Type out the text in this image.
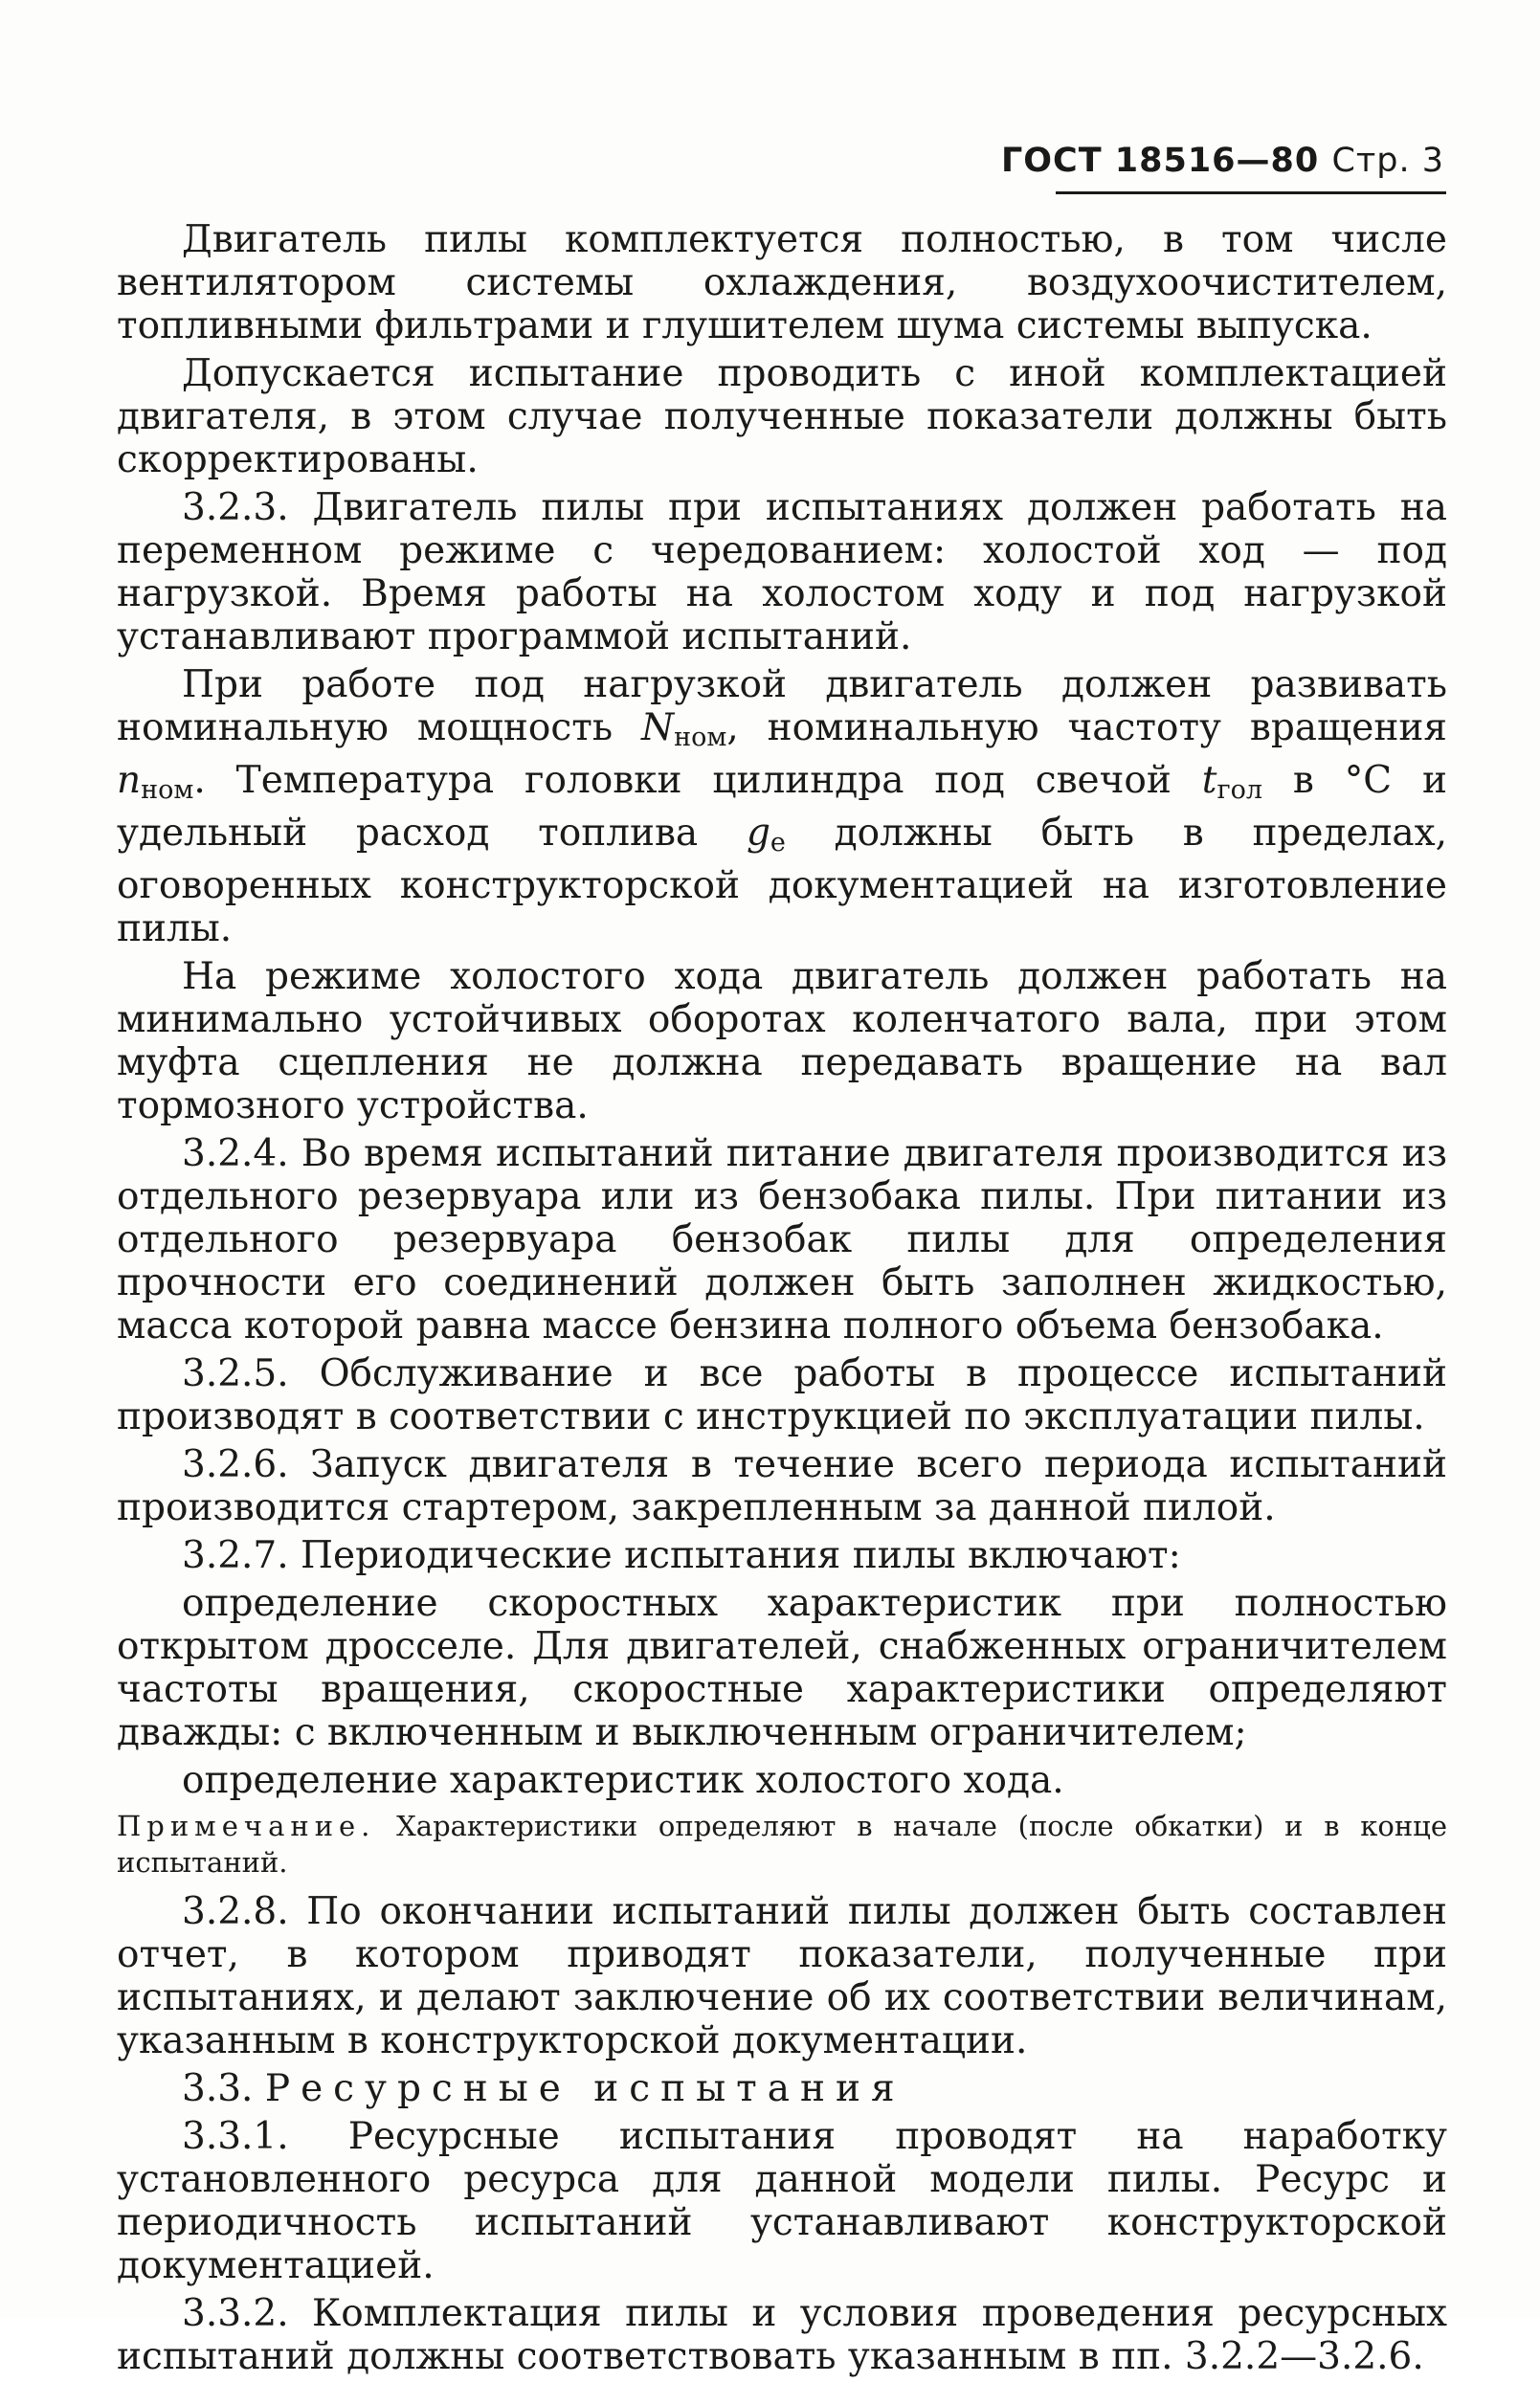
ГОСТ 18516—80 Стр. 3

Двигатель пилы комплектуется полностью, в том числе вентилятором системы охлаждения, воздухоочистителем, топливными фильтрами и глушителем шума системы выпуска.

Допускается испытание проводить с иной комплектацией двигателя, в этом случае полученные показатели должны быть скорректированы.

3.2.3. Двигатель пилы при испытаниях должен работать на переменном режиме с чередованием: холостой ход — под нагрузкой. Время работы на холостом ходу и под нагрузкой устанавливают программой испытаний.

При работе под нагрузкой двигатель должен развивать номинальную мощность $N_{ном}$, номинальную частоту вращения $n_{ном}$. Температура головки цилиндра под свечой $t_{гол}$ в °С и удельный расход топлива $g_e$ должны быть в пределах, оговоренных конструкторской документацией на изготовление пилы.

На режиме холостого хода двигатель должен работать на минимально устойчивых оборотах коленчатого вала, при этом муфта сцепления не должна передавать вращение на вал тормозного устройства.

3.2.4. Во время испытаний питание двигателя производится из отдельного резервуара или из бензобака пилы. При питании из отдельного резервуара бензобак пилы для определения прочности его соединений должен быть заполнен жидкостью, масса которой равна массе бензина полного объема бензобака.

3.2.5. Обслуживание и все работы в процессе испытаний производят в соответствии с инструкцией по эксплуатации пилы.

3.2.6. Запуск двигателя в течение всего периода испытаний производится стартером, закрепленным за данной пилой.

3.2.7. Периодические испытания пилы включают:

определение скоростных характеристик при полностью открытом дросселе. Для двигателей, снабженных ограничителем частоты вращения, скоростные характеристики определяют дважды: с включенным и выключенным ограничителем;

определение характеристик холостого хода.

Примечание. Характеристики определяют в начале (после обкатки) и в конце испытаний.

3.2.8. По окончании испытаний пилы должен быть составлен отчет, в котором приводят показатели, полученные при испытаниях, и делают заключение об их соответствии величинам, указанным в конструкторской документации.

3.3. Ресурсные испытания

3.3.1. Ресурсные испытания проводят на наработку установленного ресурса для данной модели пилы. Ресурс и периодичность испытаний устанавливают конструкторской документацией.

3.3.2. Комплектация пилы и условия проведения ресурсных испытаний должны соответствовать указанным в пп. 3.2.2—3.2.6.
